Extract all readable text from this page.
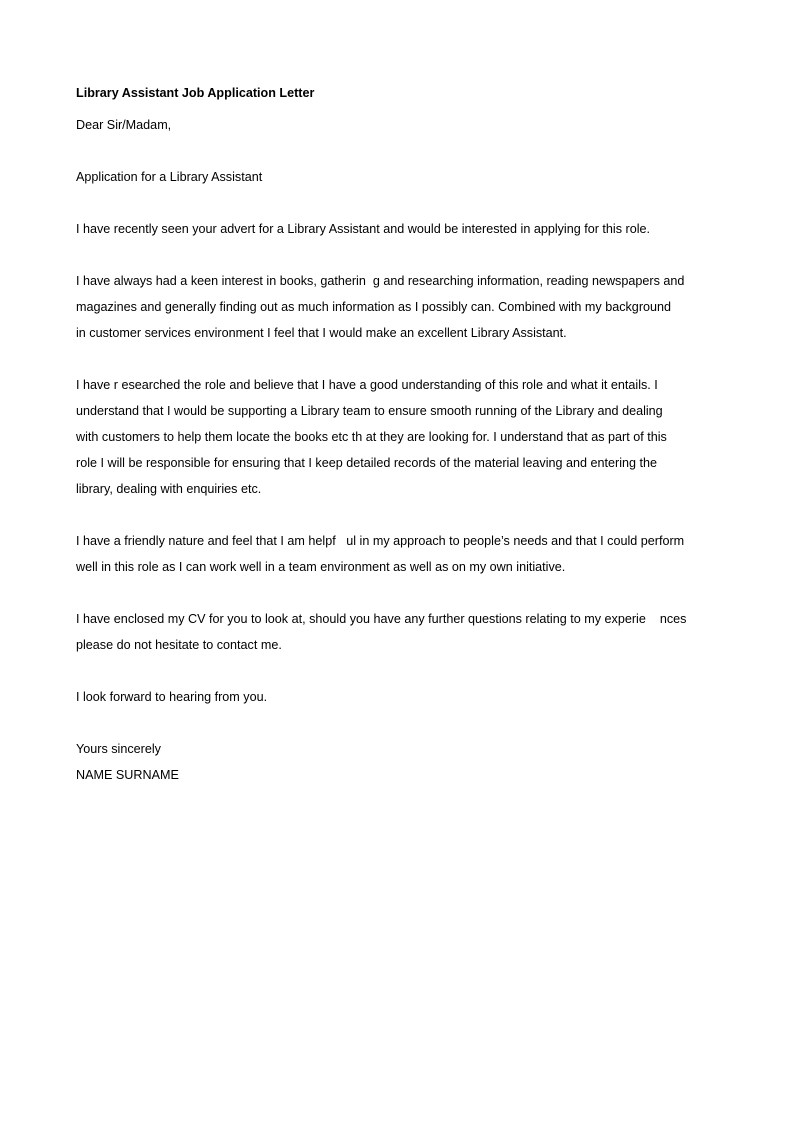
Library Assistant Job Application Letter
Dear Sir/Madam,
Application for a Library Assistant
I have recently seen your advert for a Library Assistant and would be interested in applying for this role.
I have always had a keen interest in books, gatherin  g and researching information, reading newspapers and
magazines and generally finding out as much information as I possibly can. Combined with my background
in customer services environment I feel that I would make an excellent Library Assistant.
I have r esearched the role and believe that I have a good understanding of this role and what it entails. I
understand that I would be supporting a Library team to ensure smooth running of the Library and dealing
with customers to help them locate the books etc th at they are looking for. I understand that as part of this
role I will be responsible for ensuring that I keep detailed records of the material leaving and entering the
library, dealing with enquiries etc.
I have a friendly nature and feel that I am helpf   ul in my approach to people’s needs and that I could perform
well in this role as I can work well in a team environment as well as on my own initiative.
I have enclosed my CV for you to look at, should you have any further questions relating to my experie    nces
please do not hesitate to contact me.
I look forward to hearing from you.
Yours sincerely
NAME SURNAME
